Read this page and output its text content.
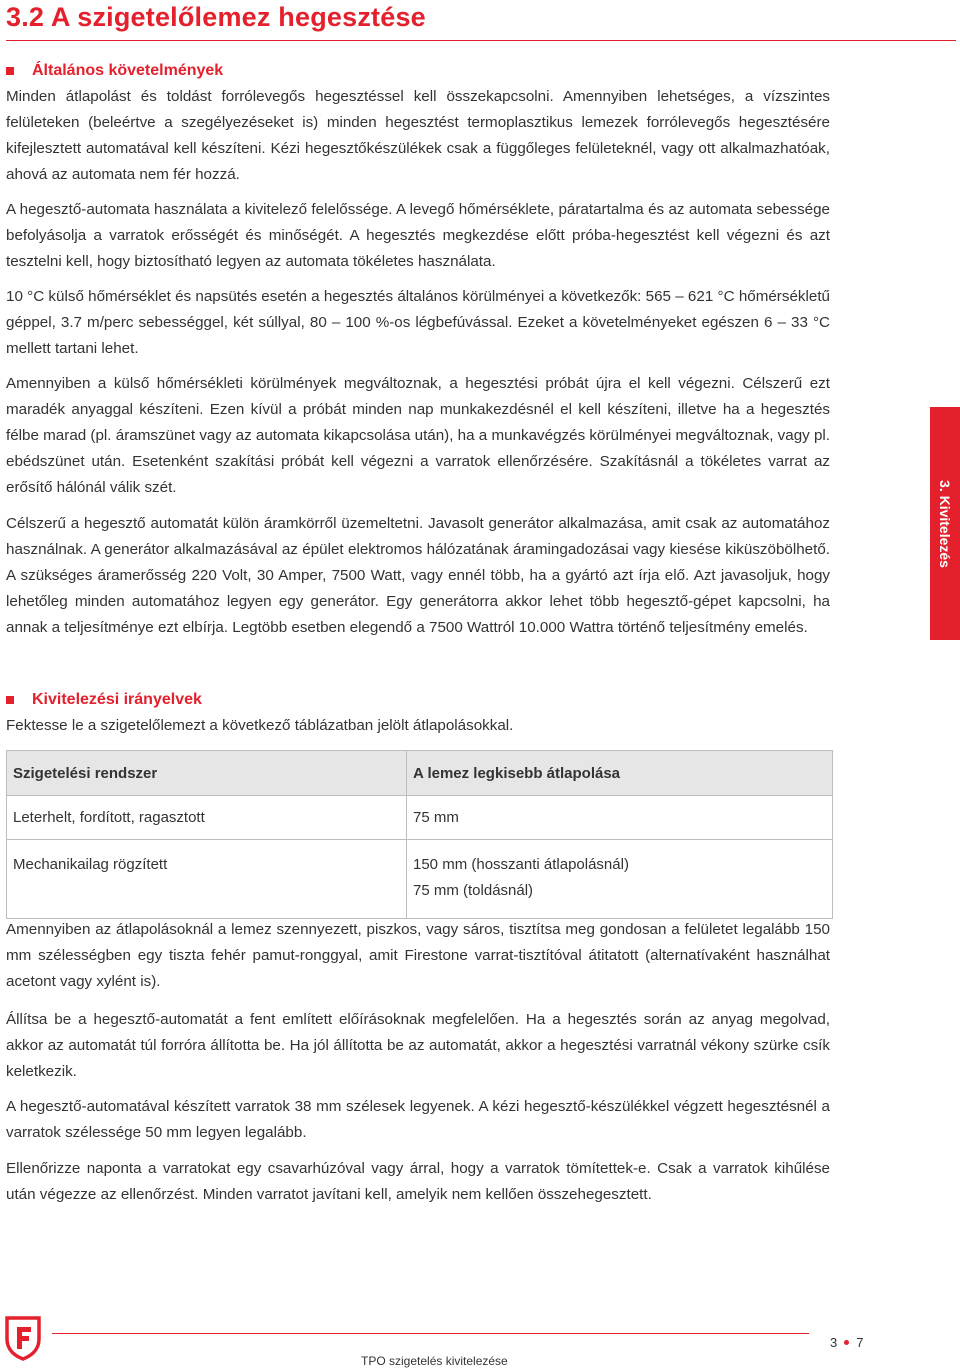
3.2 A szigetelőlemez hegesztése
Általános követelmények

Minden átlapolást és toldást forrólevegős hegesztéssel kell összekapcsolni. Amennyiben lehetséges, a vízszintes felületeken (beleértve a szegélyezéseket is) minden hegesztést termoplasztikus lemezek forrólevegős hegesztésére kifejlesztett automatával kell készíteni. Kézi hegesztőkészülékek csak a függőleges felületeknél, vagy ott alkalmazhatóak, ahová az automata nem fér hozzá.

A hegesztő-automata használata a kivitelező felelőssége. A levegő hőmérséklete, páratartalma és az automata sebessége befolyásolja a varratok erősségét és minőségét. A hegesztés megkezdése előtt próba-hegesztést kell végezni és azt tesztelni kell, hogy biztosítható legyen az automata tökéletes használata.

10 °C külső hőmérséklet és napsütés esetén a hegesztés általános körülményei a következők: 565 – 621 °C hőmérsékletű géppel, 3.7 m/perc sebességgel, két súllyal, 80 – 100 %-os légbefúvással. Ezeket a követelményeket egészen 6 – 33 °C mellett tartani lehet.

Amennyiben a külső hőmérsékleti körülmények megváltoznak, a hegesztési próbát újra el kell végezni. Célszerű ezt maradék anyaggal készíteni. Ezen kívül a próbát minden nap munkakezdésnél el kell készíteni, illetve ha a hegesztés félbe marad (pl. áramszünet vagy az automata kikapcsolása után), ha a munkavégzés körülményei megváltoznak, vagy pl. ebédszünet után. Esetenként szakítási próbát kell végezni a varratok ellenőrzésére. Szakításnál a tökéletes varrat az erősítő hálónál válik szét.

Célszerű a hegesztő automatát külön áramkörről üzemeltetni. Javasolt generátor alkalmazása, amit csak az automatához használnak. A generátor alkalmazásával az épület elektromos hálózatának áramingadozásai vagy kiesése kiküszöbölhető. A szükséges áramerősség 220 Volt, 30 Amper, 7500 Watt, vagy ennél több, ha a gyártó azt írja elő. Azt javasoljuk, hogy lehetőleg minden automatához legyen egy generátor. Egy generátorra akkor lehet több hegesztő-gépet kapcsolni, ha annak a teljesítménye ezt elbírja. Legtöbb esetben elegendő a 7500 Wattról 10.000 Wattra történő teljesítmény emelés.

3. Kivitelezés
Kivitelezési irányelvek

Fektesse le a szigetelőlemezt a következő táblázatban jelölt átlapolásokkal.

Szigetelési rendszer	A lemez legkisebb átlapolása
Leterhelt, fordított, ragasztott	75 mm
Mechanikailag rögzített	150 mm (hosszanti átlapolásnál)
75 mm (toldásnál)

Amennyiben az átlapolásoknál a lemez szennyezett, piszkos, vagy sáros, tisztítsa meg gondosan a felületet legalább 150 mm szélességben egy tiszta fehér pamut-ronggyal, amit Firestone varrat-tisztítóval átitatott (alternatívaként használhat acetont vagy xylént is).

Állítsa be a hegesztő-automatát a fent említett előírásoknak megfelelően. Ha a hegesztés során az anyag megolvad, akkor az automatát túl forróra állította be. Ha jól állította be az automatát, akkor a hegesztési varratnál vékony szürke csík keletkezik.

A hegesztő-automatával készített varratok 38 mm szélesek legyenek. A kézi hegesztő-készülékkel végzett hegesztésnél a varratok szélessége 50 mm legyen legalább.

Ellenőrizze naponta a varratokat egy csavarhúzóval vagy árral, hogy a varratok tömítettek-e. Csak a varratok kihűlése után végezze az ellenőrzést. Minden varratot javítani kell, amelyik nem kellően összehegesztett.

3 7
TPO szigetelés kivitelezése
